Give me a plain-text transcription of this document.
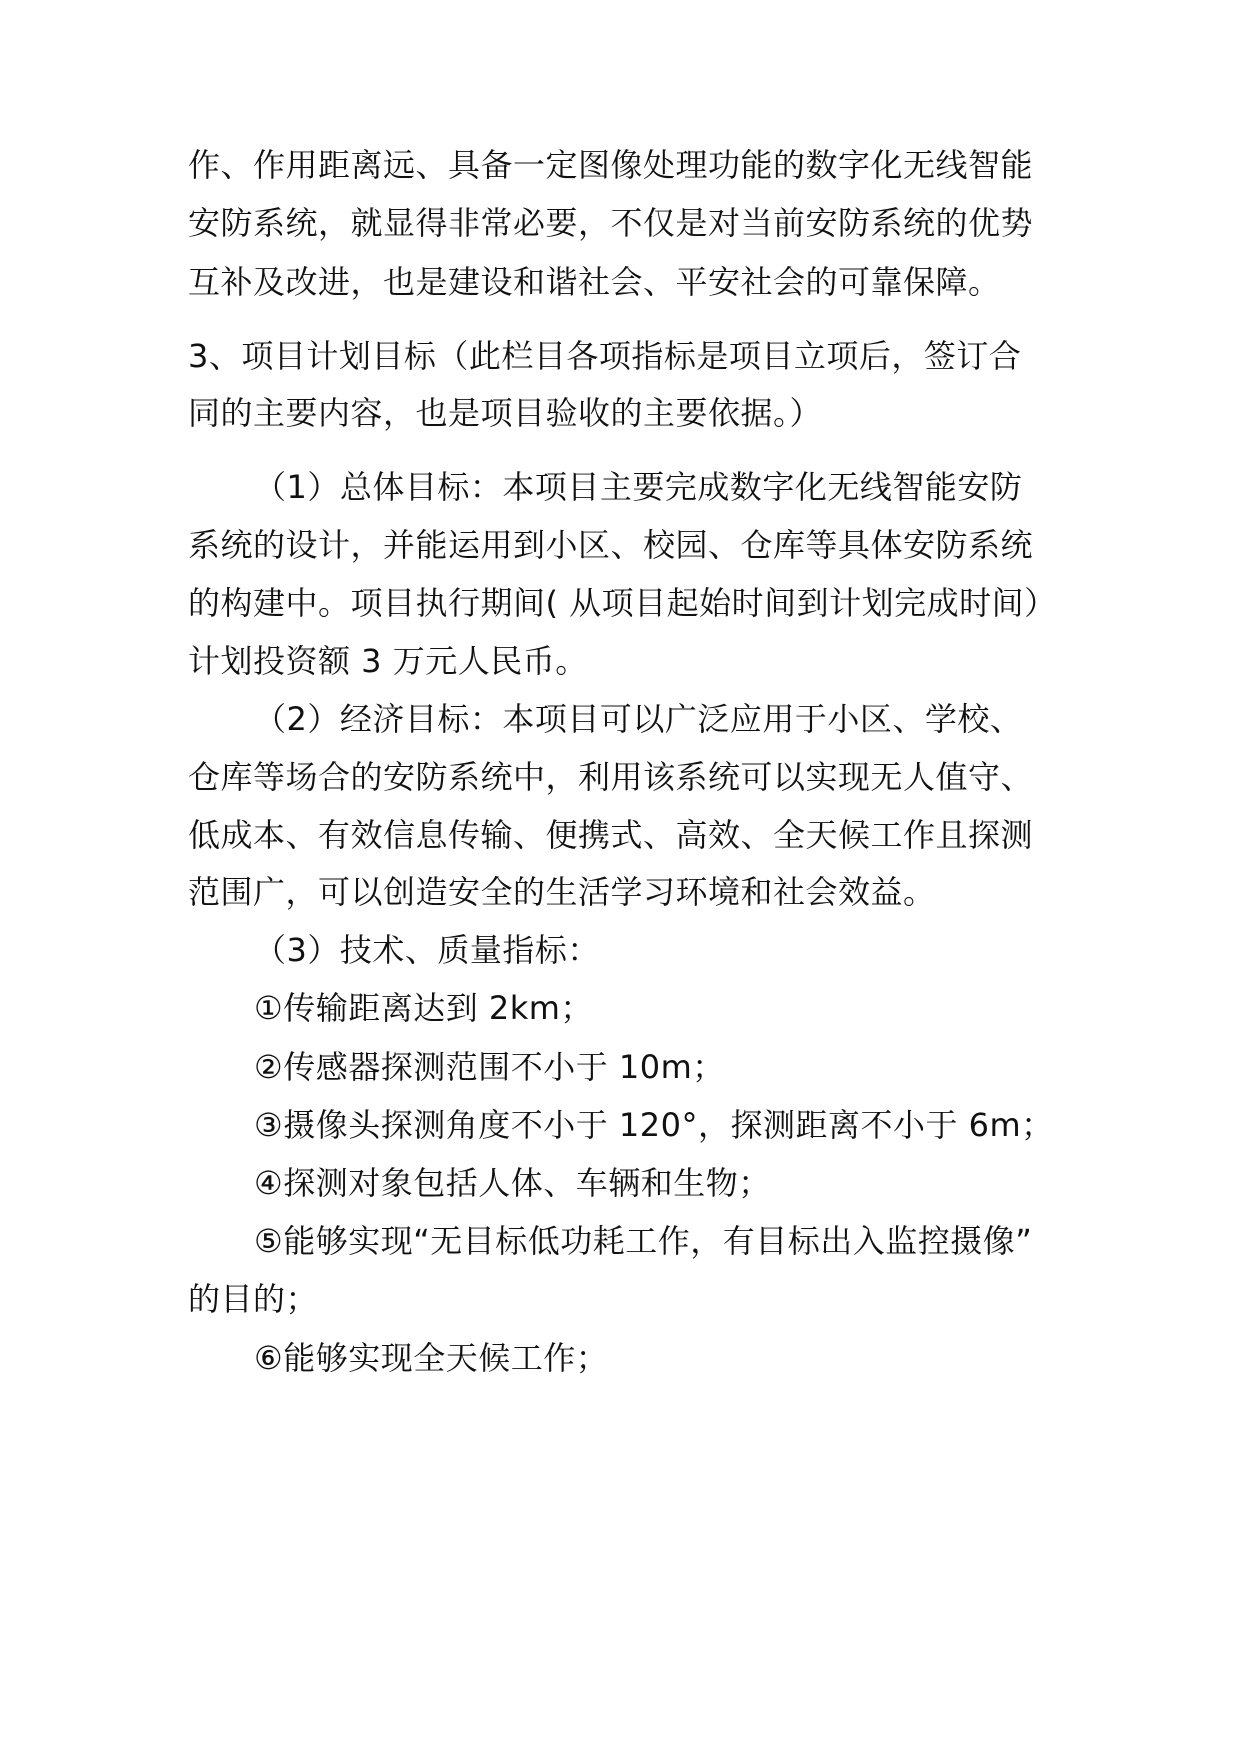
作、作用距离远、具备一定图像处理功能的数字化无线智能
安防系统，就显得非常必要，不仅是对当前安防系统的优势
互补及改进，也是建设和谐社会、平安社会的可靠保障。
3、项目计划目标（此栏目各项指标是项目立项后，签订合
同的主要内容，也是项目验收的主要依据。）
（1）总体目标：本项目主要完成数字化无线智能安防
系统的设计，并能运用到小区、校园、仓库等具体安防系统
的构建中。项目执行期间( 从项目起始时间到计划完成时间）
计划投资额 3 万元人民币。
（2）经济目标：本项目可以广泛应用于小区、学校、
仓库等场合的安防系统中，利用该系统可以实现无人值守、
低成本、有效信息传输、便携式、高效、全天候工作且探测
范围广，可以创造安全的生活学习环境和社会效益。
（3）技术、质量指标：
①传输距离达到 2km；
②传感器探测范围不小于 10m；
③摄像头探测角度不小于 120°，探测距离不小于 6m；
④探测对象包括人体、车辆和生物；
⑤能够实现“无目标低功耗工作，有目标出入监控摄像”
的目的；
⑥能够实现全天候工作；
